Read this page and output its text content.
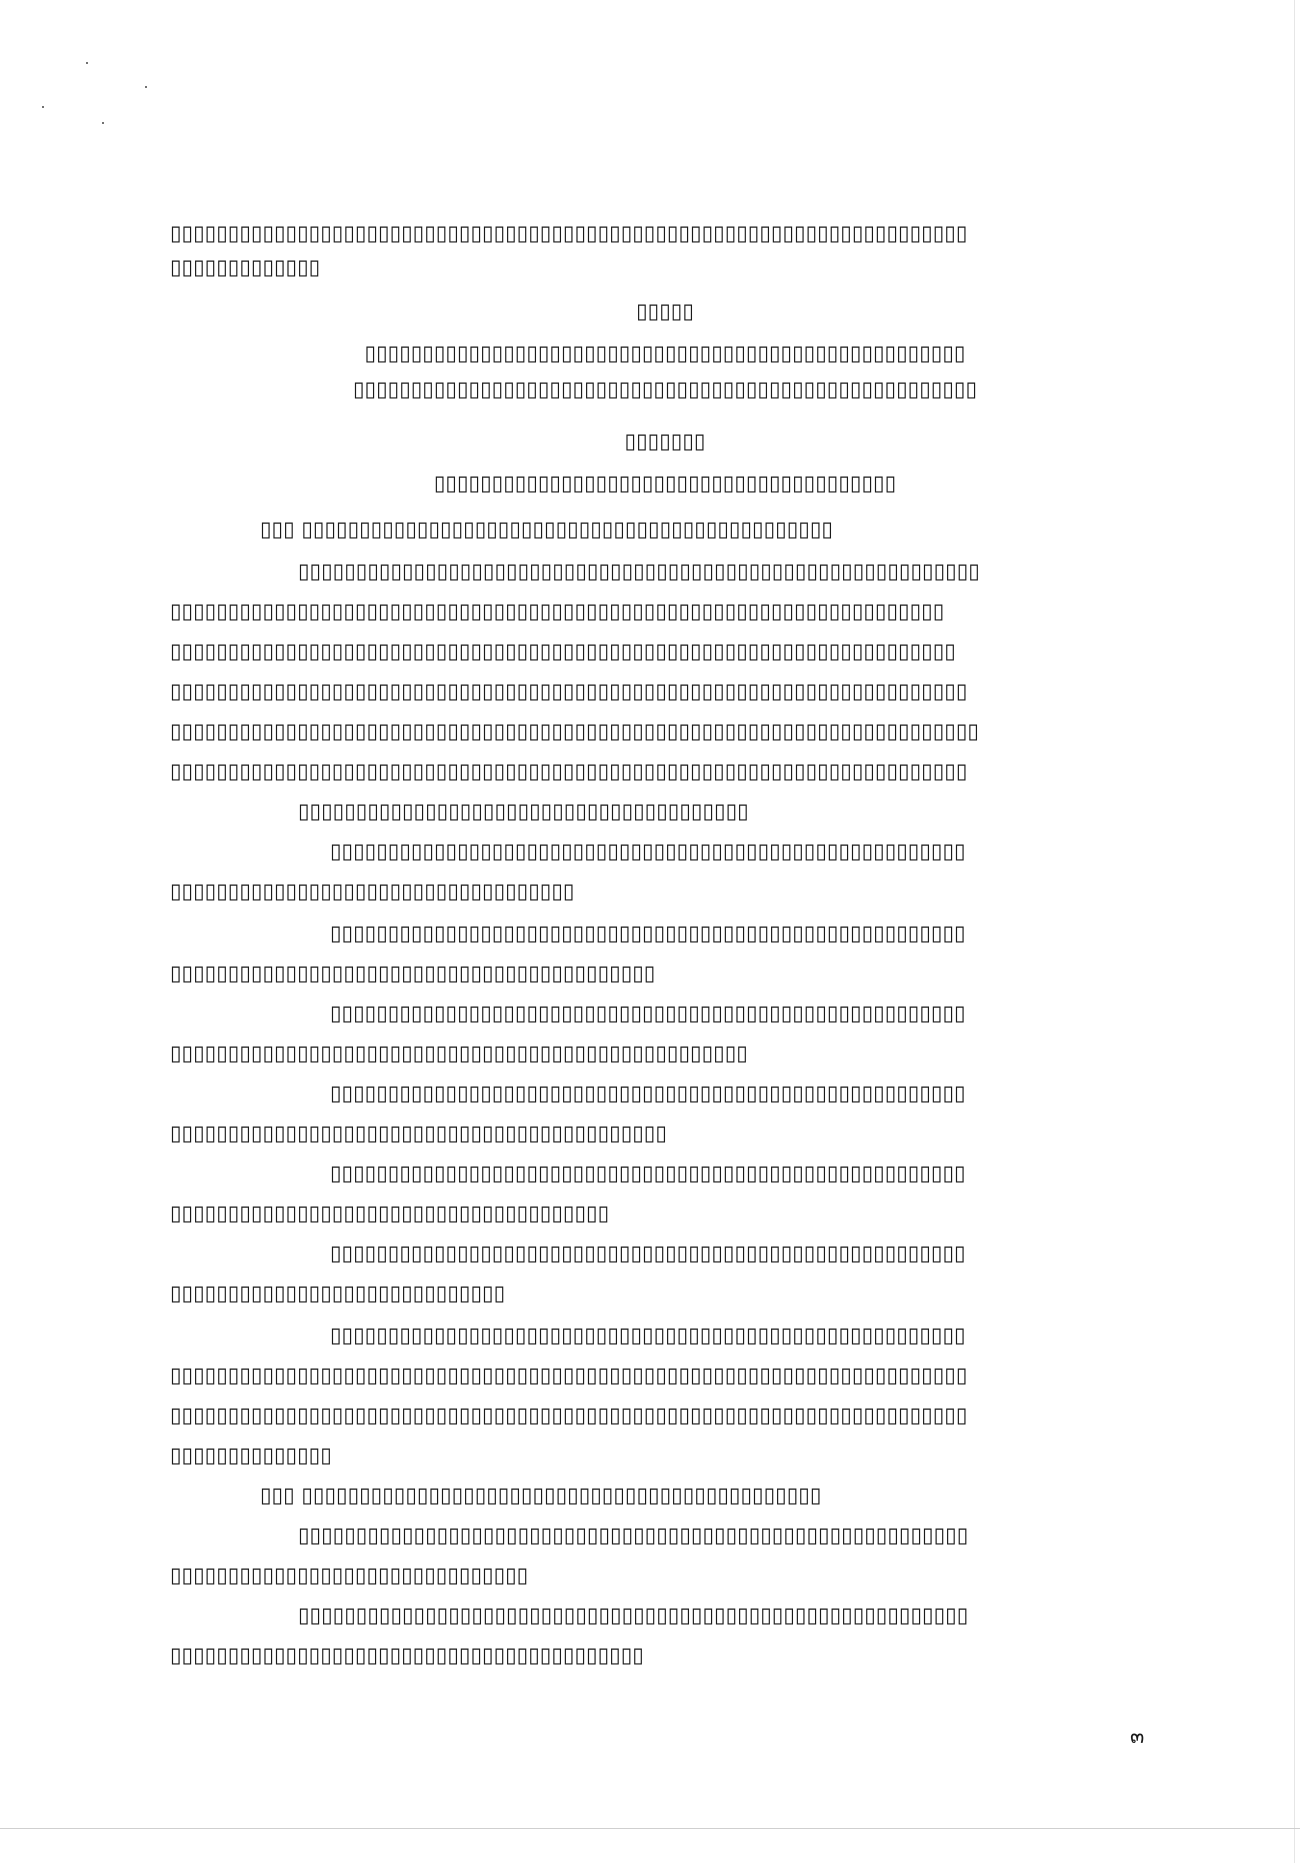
▯▯▯▯▯▯▯▯▯▯▯▯▯▯▯▯▯▯▯▯▯▯▯▯▯▯▯▯▯▯▯▯▯▯▯▯▯▯▯▯▯▯▯▯▯▯▯▯▯▯▯▯▯▯▯▯▯▯▯▯▯▯▯▯▯▯▯▯▯
▯▯▯▯▯▯▯▯▯▯▯▯▯
▯▯▯▯▯
▯▯▯▯▯▯▯▯▯▯▯▯▯▯▯▯▯▯▯▯▯▯▯▯▯▯▯▯▯▯▯▯▯▯▯▯▯▯▯▯▯▯▯▯▯▯▯▯▯▯▯▯
▯▯▯▯▯▯▯▯▯▯▯▯▯▯▯▯▯▯▯▯▯▯▯▯▯▯▯▯▯▯▯▯▯▯▯▯▯▯▯▯▯▯▯▯▯▯▯▯▯▯▯▯▯▯
▯▯▯▯▯▯▯
▯▯▯▯▯▯▯▯▯▯▯▯▯▯▯▯▯▯▯▯▯▯▯▯▯▯▯▯▯▯▯▯▯▯▯▯▯▯▯▯
▯▯▯ ▯▯▯▯▯▯▯▯▯▯▯▯▯▯▯▯▯▯▯▯▯▯▯▯▯▯▯▯▯▯▯▯▯▯▯▯▯▯▯▯▯▯▯▯▯▯
▯▯▯▯▯▯▯▯▯▯▯▯▯▯▯▯▯▯▯▯▯▯▯▯▯▯▯▯▯▯▯▯▯▯▯▯▯▯▯▯▯▯▯▯▯▯▯▯▯▯▯▯▯▯▯▯▯▯▯
▯▯▯▯▯▯▯▯▯▯▯▯▯▯▯▯▯▯▯▯▯▯▯▯▯▯▯▯▯▯▯▯▯▯▯▯▯▯▯▯▯▯▯▯▯▯▯▯▯▯▯▯▯▯▯▯▯▯▯▯▯▯▯▯▯▯▯
▯▯▯▯▯▯▯▯▯▯▯▯▯▯▯▯▯▯▯▯▯▯▯▯▯▯▯▯▯▯▯▯▯▯▯▯▯▯▯▯▯▯▯▯▯▯▯▯▯▯▯▯▯▯▯▯▯▯▯▯▯▯▯▯▯▯▯▯
▯▯▯▯▯▯▯▯▯▯▯▯▯▯▯▯▯▯▯▯▯▯▯▯▯▯▯▯▯▯▯▯▯▯▯▯▯▯▯▯▯▯▯▯▯▯▯▯▯▯▯▯▯▯▯▯▯▯▯▯▯▯▯▯▯▯▯▯▯
▯▯▯▯▯▯▯▯▯▯▯▯▯▯▯▯▯▯▯▯▯▯▯▯▯▯▯▯▯▯▯▯▯▯▯▯▯▯▯▯▯▯▯▯▯▯▯▯▯▯▯▯▯▯▯▯▯▯▯▯▯▯▯▯▯▯▯▯▯▯
▯▯▯▯▯▯▯▯▯▯▯▯▯▯▯▯▯▯▯▯▯▯▯▯▯▯▯▯▯▯▯▯▯▯▯▯▯▯▯▯▯▯▯▯▯▯▯▯▯▯▯▯▯▯▯▯▯▯▯▯▯▯▯▯▯▯▯▯▯
▯▯▯▯▯▯▯▯▯▯▯▯▯▯▯▯▯▯▯▯▯▯▯▯▯▯▯▯▯▯▯▯▯▯▯▯▯▯▯
▯▯▯▯▯▯▯▯▯▯▯▯▯▯▯▯▯▯▯▯▯▯▯▯▯▯▯▯▯▯▯▯▯▯▯▯▯▯▯▯▯▯▯▯▯▯▯▯▯▯▯▯▯▯▯
▯▯▯▯▯▯▯▯▯▯▯▯▯▯▯▯▯▯▯▯▯▯▯▯▯▯▯▯▯▯▯▯▯▯▯
▯▯▯▯▯▯▯▯▯▯▯▯▯▯▯▯▯▯▯▯▯▯▯▯▯▯▯▯▯▯▯▯▯▯▯▯▯▯▯▯▯▯▯▯▯▯▯▯▯▯▯▯▯▯▯
▯▯▯▯▯▯▯▯▯▯▯▯▯▯▯▯▯▯▯▯▯▯▯▯▯▯▯▯▯▯▯▯▯▯▯▯▯▯▯▯▯▯
▯▯▯▯▯▯▯▯▯▯▯▯▯▯▯▯▯▯▯▯▯▯▯▯▯▯▯▯▯▯▯▯▯▯▯▯▯▯▯▯▯▯▯▯▯▯▯▯▯▯▯▯▯▯▯
▯▯▯▯▯▯▯▯▯▯▯▯▯▯▯▯▯▯▯▯▯▯▯▯▯▯▯▯▯▯▯▯▯▯▯▯▯▯▯▯▯▯▯▯▯▯▯▯▯▯
▯▯▯▯▯▯▯▯▯▯▯▯▯▯▯▯▯▯▯▯▯▯▯▯▯▯▯▯▯▯▯▯▯▯▯▯▯▯▯▯▯▯▯▯▯▯▯▯▯▯▯▯▯▯▯
▯▯▯▯▯▯▯▯▯▯▯▯▯▯▯▯▯▯▯▯▯▯▯▯▯▯▯▯▯▯▯▯▯▯▯▯▯▯▯▯▯▯▯
▯▯▯▯▯▯▯▯▯▯▯▯▯▯▯▯▯▯▯▯▯▯▯▯▯▯▯▯▯▯▯▯▯▯▯▯▯▯▯▯▯▯▯▯▯▯▯▯▯▯▯▯▯▯▯
▯▯▯▯▯▯▯▯▯▯▯▯▯▯▯▯▯▯▯▯▯▯▯▯▯▯▯▯▯▯▯▯▯▯▯▯▯▯
▯▯▯▯▯▯▯▯▯▯▯▯▯▯▯▯▯▯▯▯▯▯▯▯▯▯▯▯▯▯▯▯▯▯▯▯▯▯▯▯▯▯▯▯▯▯▯▯▯▯▯▯▯▯▯
▯▯▯▯▯▯▯▯▯▯▯▯▯▯▯▯▯▯▯▯▯▯▯▯▯▯▯▯▯
▯▯▯▯▯▯▯▯▯▯▯▯▯▯▯▯▯▯▯▯▯▯▯▯▯▯▯▯▯▯▯▯▯▯▯▯▯▯▯▯▯▯▯▯▯▯▯▯▯▯▯▯▯▯▯
▯▯▯▯▯▯▯▯▯▯▯▯▯▯▯▯▯▯▯▯▯▯▯▯▯▯▯▯▯▯▯▯▯▯▯▯▯▯▯▯▯▯▯▯▯▯▯▯▯▯▯▯▯▯▯▯▯▯▯▯▯▯▯▯▯▯▯▯▯
▯▯▯▯▯▯▯▯▯▯▯▯▯▯▯▯▯▯▯▯▯▯▯▯▯▯▯▯▯▯▯▯▯▯▯▯▯▯▯▯▯▯▯▯▯▯▯▯▯▯▯▯▯▯▯▯▯▯▯▯▯▯▯▯▯▯▯▯▯
▯▯▯▯▯▯▯▯▯▯▯▯▯▯
▯▯▯ ▯▯▯▯▯▯▯▯▯▯▯▯▯▯▯▯▯▯▯▯▯▯▯▯▯▯▯▯▯▯▯▯▯▯▯▯▯▯▯▯▯▯▯▯▯
▯▯▯▯▯▯▯▯▯▯▯▯▯▯▯▯▯▯▯▯▯▯▯▯▯▯▯▯▯▯▯▯▯▯▯▯▯▯▯▯▯▯▯▯▯▯▯▯▯▯▯▯▯▯▯▯▯▯
▯▯▯▯▯▯▯▯▯▯▯▯▯▯▯▯▯▯▯▯▯▯▯▯▯▯▯▯▯▯▯
▯▯▯▯▯▯▯▯▯▯▯▯▯▯▯▯▯▯▯▯▯▯▯▯▯▯▯▯▯▯▯▯▯▯▯▯▯▯▯▯▯▯▯▯▯▯▯▯▯▯▯▯▯▯▯▯▯▯
▯▯▯▯▯▯▯▯▯▯▯▯▯▯▯▯▯▯▯▯▯▯▯▯▯▯▯▯▯▯▯▯▯▯▯▯▯▯▯▯▯
๓
